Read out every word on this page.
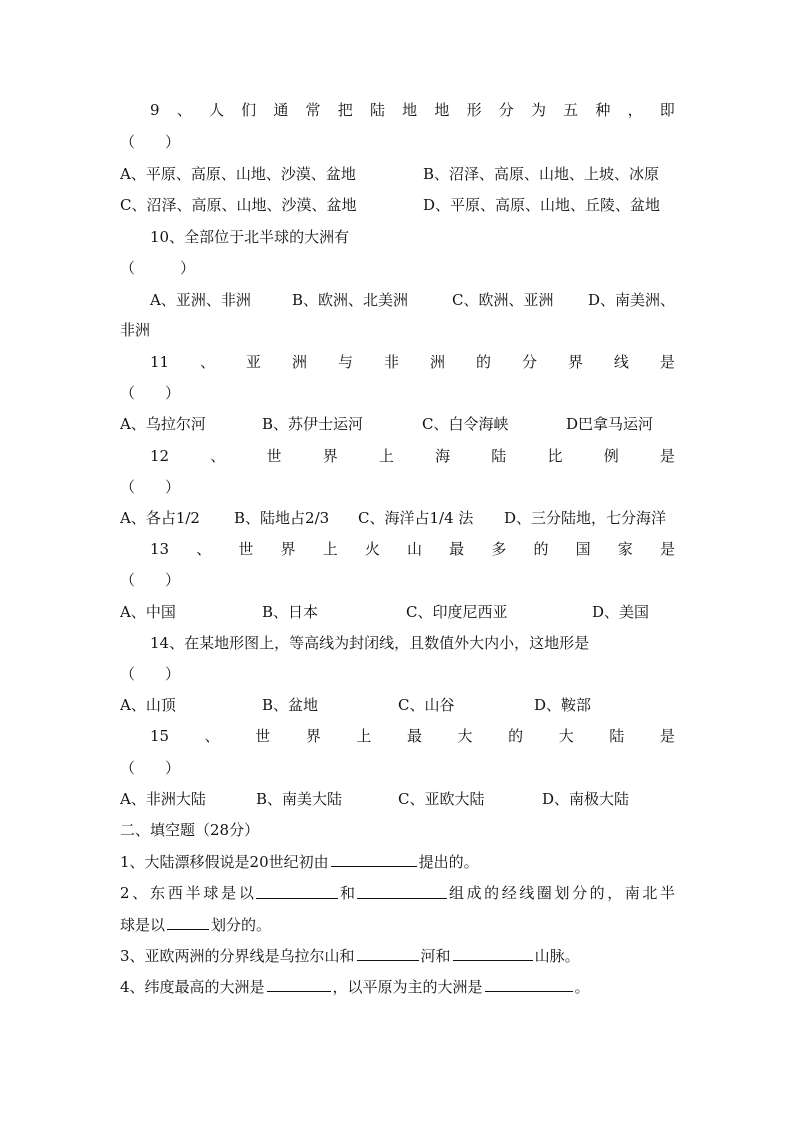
9 、 人 们 通 常 把 陆 地 地 形 分 为 五 种 ， 即
（　　）
A、平原、高原、山地、沙漠、盆地	B、沼泽、高原、山地、上坡、冰原
C、沼泽、高原、山地、沙漠、盆地	D、平原、高原、山地、丘陵、盆地
10、全部位于北半球的大洲有
（　　　）
A、亚洲、非洲	B、欧洲、北美洲	C、欧洲、亚洲	D、南美洲、
非洲
11 、 亚 洲 与 非 洲 的 分 界 线 是
（　　）
A、乌拉尔河	B、苏伊士运河	C、白令海峡	D巴拿马运河
12	、	世	界	上	海	陆	比	例	是
（　　）
A、各占1/2	B、陆地占2/3	C、海洋占1/4 法	D、三分陆地，七分海洋
13 、 世 界 上 火 山 最 多 的 国 家 是
（　　）
A、中国	B、日本	C、印度尼西亚	D、美国
14、在某地形图上，等高线为封闭线，且数值外大内小，这地形是
（　　）
A、山顶	B、盆地	C、山谷	D、鞍部
15 、 世 界 上 最 大 的 大 陆 是
（　　）
A、非洲大陆	B、南美大陆	C、亚欧大陆	D、南极大陆
二、填空题（28分）
1、大陆漂移假说是20世纪初由	提出的。
2 、 东 西 半 球 是 以	和	组 成 的 经 线 圈 划 分 的 ， 南 北 半
球是以	划分的。
3、亚欧两洲的分界线是乌拉尔山和	河和	山脉。
4、纬度最高的大洲是	，以平原为主的大洲是	。
